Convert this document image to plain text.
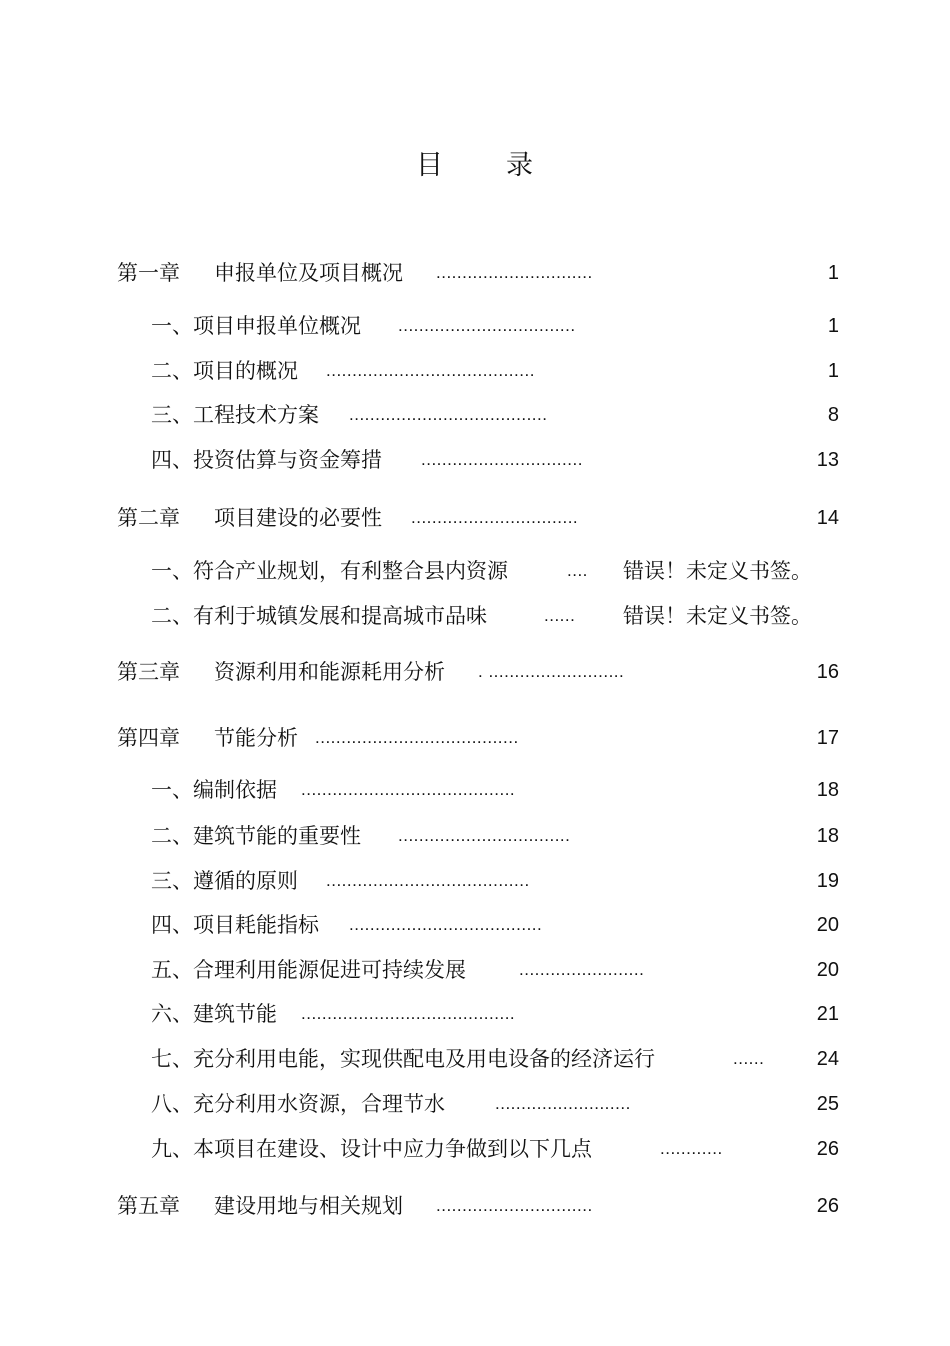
目 录
第一章 申报单位及项目概况 ..............................	1
一、项目申报单位概况 ..................................	1
二、项目的概况 ........................................	1
三、工程技术方案 ......................................	8
四、投资估算与资金筹措 ...............................	13
第二章 项目建设的必要性 ................................	14
一、符合产业规划，有利整合县内资源	.... 错误！未定义书签。
二、有利于城镇发展和提高城市品味	...... 错误！未定义书签。
第三章 资源利用和能源耗用分析 . ..........................	16
第四章 节能分析 .......................................	17
一、编制依据 .........................................	18
二、建筑节能的重要性 .................................	18
三、遵循的原则 .......................................	19
四、项目耗能指标 .....................................	20
五、合理利用能源促进可持续发展	........................	20
六、建筑节能 .........................................	21
七、充分利用电能，实现供配电及用电设备的经济运行	......	24
八、充分利用水资源，合理节水	..........................	25
九、本项目在建设、设计中应力争做到以下几点	............	26
第五章 建设用地与相关规划 ..............................	26
